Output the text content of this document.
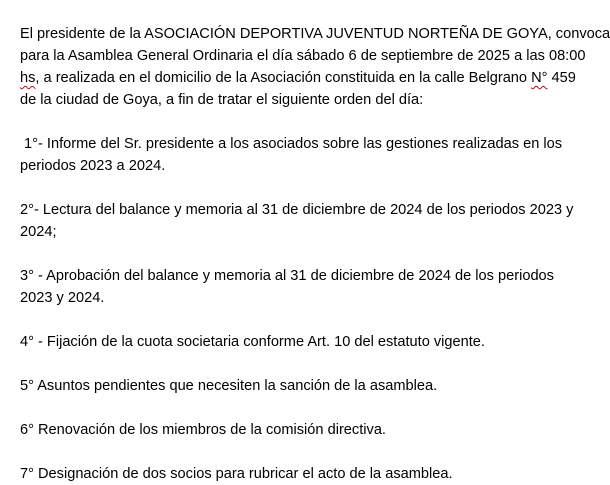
El presidente de la ASOCIACIÓN DEPORTIVA JUVENTUD NORTEÑA DE GOYA, convoca
para la Asamblea General Ordinaria el día sábado 6 de septiembre de 2025 a las 08:00
hs, a realizada en el domicilio de la Asociación constituida en la calle Belgrano N° 459
de la ciudad de Goya, a fin de tratar el siguiente orden del día:

1°- Informe del Sr. presidente a los asociados sobre las gestiones realizadas en los
periodos 2023 a 2024.

2°- Lectura del balance y memoria al 31 de diciembre de 2024 de los periodos 2023 y
2024;

3° - Aprobación del balance y memoria al 31 de diciembre de 2024 de los periodos
2023 y 2024.

4° - Fijación de la cuota societaria conforme Art. 10 del estatuto vigente.

5° Asuntos pendientes que necesiten la sanción de la asamblea.

6° Renovación de los miembros de la comisión directiva.

7° Designación de dos socios para rubricar el acto de la asamblea.
